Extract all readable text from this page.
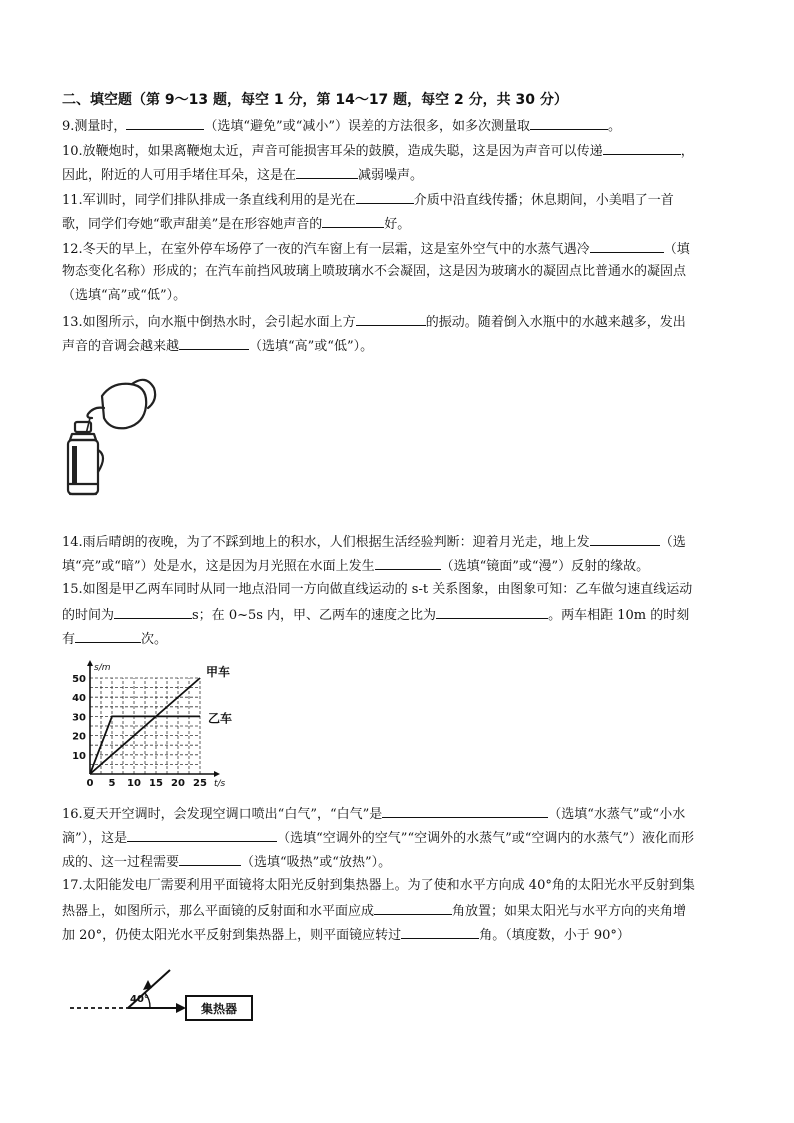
二、填空题（第 9～13 题，每空 1 分，第 14～17 题，每空 2 分，共 30 分）
9.测量时，	（选填“避免”或“减小”）误差的方法很多，如多次测量取	。
10.放鞭炮时，如果离鞭炮太近，声音可能损害耳朵的鼓膜，造成失聪，这是因为声音可以传递	，
因此，附近的人可用手堵住耳朵，这是在	减弱噪声。
11.军训时，同学们排队排成一条直线利用的是光在	介质中沿直线传播；休息期间，小美唱了一首
歌，同学们夸她“歌声甜美”是在形容她声音的	好。
12.冬天的早上，在室外停车场停了一夜的汽车窗上有一层霜，这是室外空气中的水蒸气遇冷	（填
物态变化名称）形成的；在汽车前挡风玻璃上喷玻璃水不会凝固，这是因为玻璃水的凝固点比普通水的凝固点
（选填“高”或“低”）。
13.如图所示，向水瓶中倒热水时，会引起水面上方	的振动。随着倒入水瓶中的水越来越多，发出
声音的音调会越来越	（选填“高”或“低”）。
14.雨后晴朗的夜晚，为了不踩到地上的积水，人们根据生活经验判断：迎着月光走，地上发	（选
填“亮”或“暗”）处是水，这是因为月光照在水面上发生	（选填“镜面”或“漫”）反射的缘故。
15.如图是甲乙两车同时从同一地点沿同一方向做直线运动的 s-t 关系图象，由图象可知：乙车做匀速直线运动
的时间为	s；在 0~5s 内，甲、乙两车的速度之比为	。两车相距 10m 的时刻
有	次。
0 5 10 15 20 25
10
20
30
40
50
t/s
s/m	甲车
乙车
16.夏天开空调时，会发现空调口喷出“白气”，“白气”是	（选填“水蒸气”或“小水
滴”），这是	（选填“空调外的空气”“空调外的水蒸气”或“空调内的水蒸气”）液化而形
成的、这一过程需要	（选填“吸热”或“放热”）。
17.太阳能发电厂需要利用平面镜将太阳光反射到集热器上。为了使和水平方向成 40°角的太阳光水平反射到集
热器上，如图所示，那么平面镜的反射面和水平面应成	角放置；如果太阳光与水平方向的夹角增
加 20°，仍使太阳光水平反射到集热器上，则平面镜应转过	角。（填度数，小于 90°）
40°
集热器
